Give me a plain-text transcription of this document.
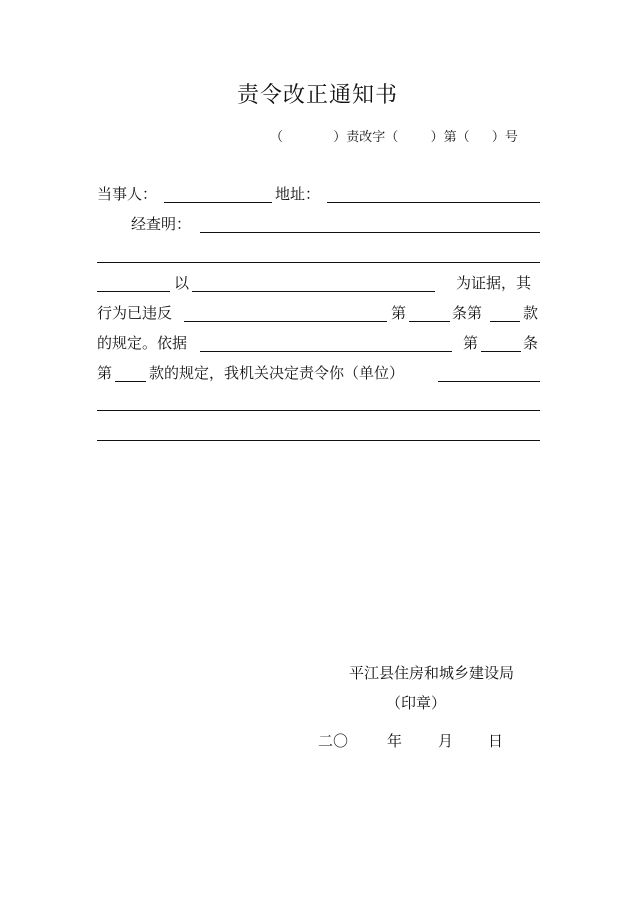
责令改正通知书
（	）责改字（ ）第（ ）号
当事人：	地址：
经查明：
以	为证据，其
行为已违反	第	条第	款
的规定。依据	第	条
第 款的规定，我机关决定责令你（单位）
平江县住房和城乡建设局
（印章）
二〇	年 月 日
